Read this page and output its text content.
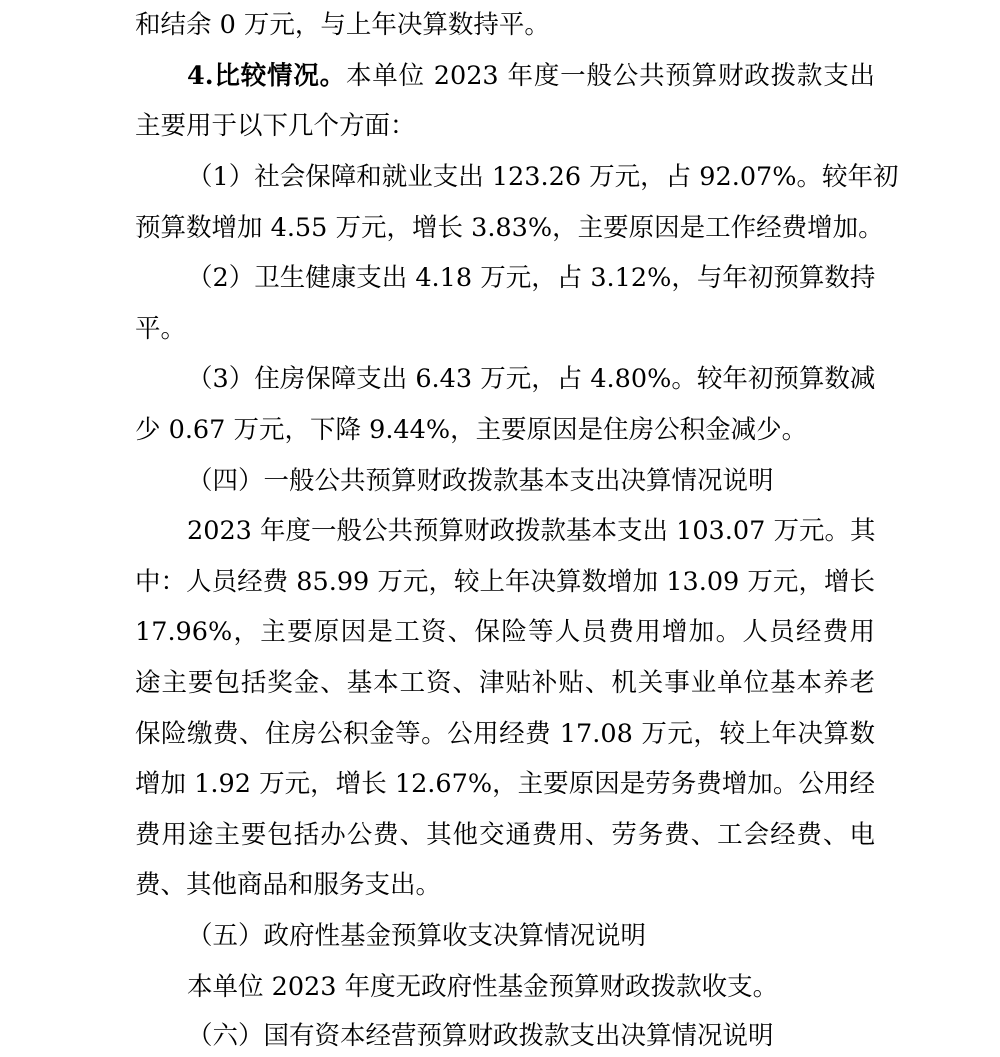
和结余 0 万元，与上年决算数持平。
4.比较情况。本单位 2023 年度一般公共预算财政拨款支出
主要用于以下几个方面：
（1）社会保障和就业支出 123.26 万元，占 92.07%。较年初
预算数增加 4.55 万元，增长 3.83%，主要原因是工作经费增加。
（2）卫生健康支出 4.18 万元，占 3.12%，与年初预算数持
平。
（3）住房保障支出 6.43 万元，占 4.80%。较年初预算数减
少 0.67 万元，下降 9.44%，主要原因是住房公积金减少。
（四）一般公共预算财政拨款基本支出决算情况说明
2023 年度一般公共预算财政拨款基本支出 103.07 万元。其
中：人员经费 85.99 万元，较上年决算数增加 13.09 万元，增长
17.96%，主要原因是工资、保险等人员费用增加。人员经费用
途主要包括奖金、基本工资、津贴补贴、机关事业单位基本养老
保险缴费、住房公积金等。公用经费 17.08 万元，较上年决算数
增加 1.92 万元，增长 12.67%，主要原因是劳务费增加。公用经
费用途主要包括办公费、其他交通费用、劳务费、工会经费、电
费、其他商品和服务支出。
（五）政府性基金预算收支决算情况说明
本单位 2023 年度无政府性基金预算财政拨款收支。
（六）国有资本经营预算财政拨款支出决算情况说明
